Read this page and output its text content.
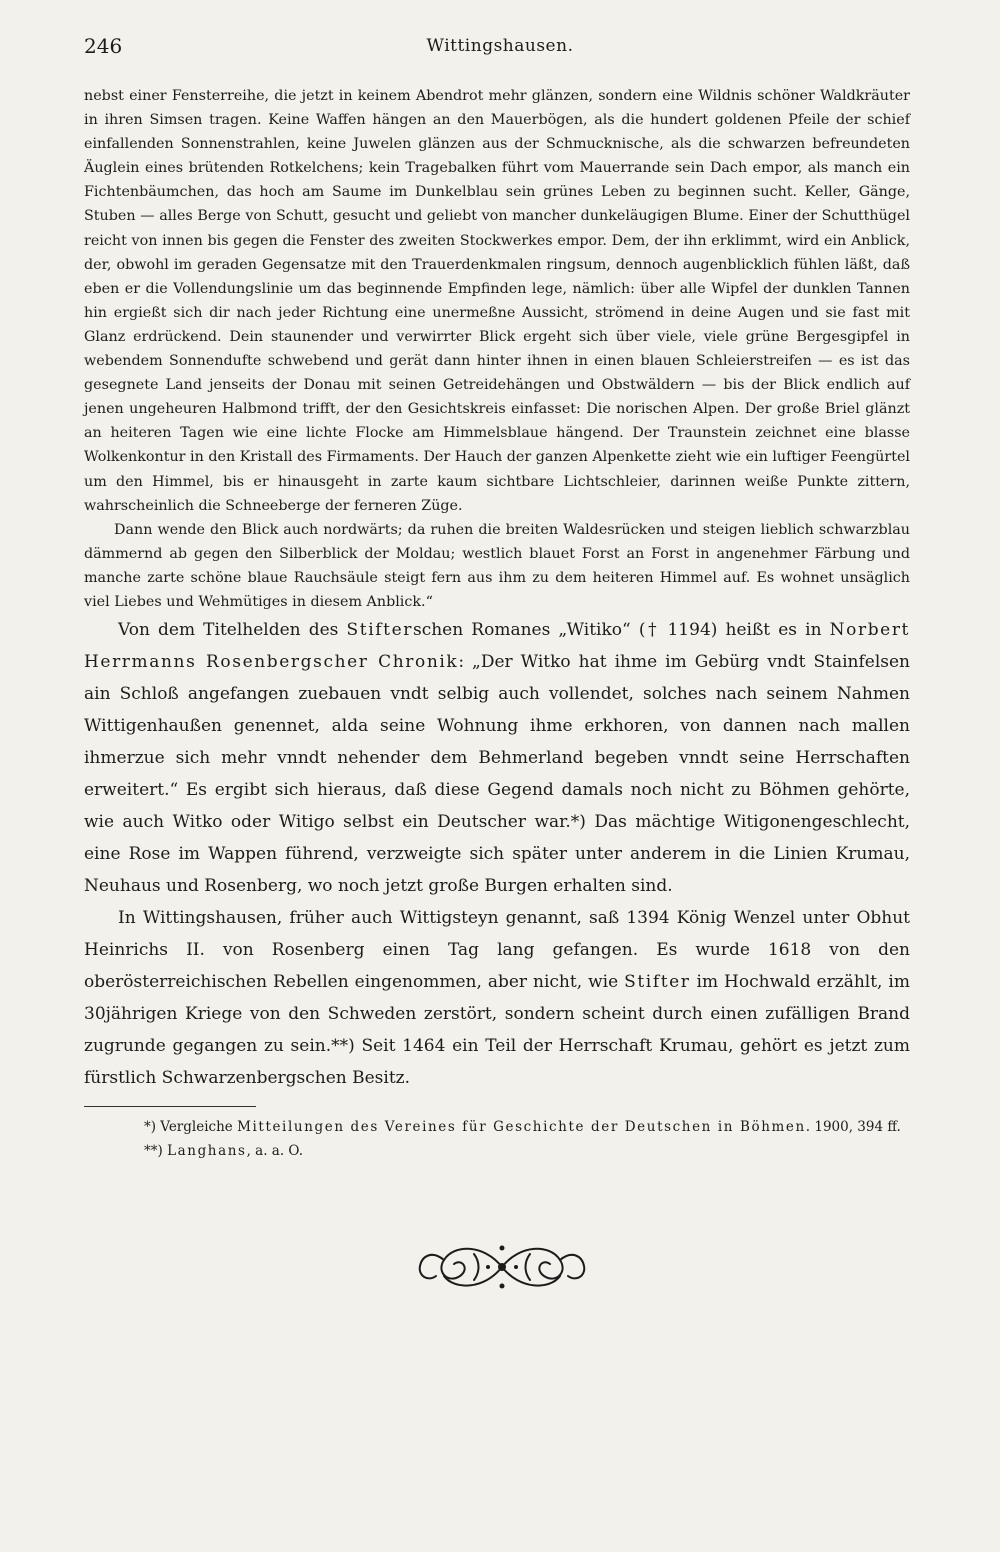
246	Wittingshausen.

nebst einer Fensterreihe, die jetzt in keinem Abendrot mehr glänzen, sondern eine Wildnis schöner Waldkräuter in ihren Simsen tragen. Keine Waffen hängen an den Mauerbögen, als die hundert goldenen Pfeile der schief einfallenden Sonnenstrahlen, keine Juwelen glänzen aus der Schmucknische, als die schwarzen befreundeten Äuglein eines brütenden Rotkelchens; kein Tragebalken führt vom Mauerrande sein Dach empor, als manch ein Fichtenbäumchen, das hoch am Saume im Dunkelblau sein grünes Leben zu beginnen sucht. Keller, Gänge, Stuben — alles Berge von Schutt, gesucht und geliebt von mancher dunkeläugigen Blume. Einer der Schutthügel reicht von innen bis gegen die Fenster des zweiten Stockwerkes empor. Dem, der ihn erklimmt, wird ein Anblick, der, obwohl im geraden Gegensatze mit den Trauerdenkmalen ringsum, dennoch augenblicklich fühlen läßt, daß eben er die Vollendungslinie um das beginnende Empfinden lege, nämlich: über alle Wipfel der dunklen Tannen hin ergießt sich dir nach jeder Richtung eine unermeßne Aussicht, strömend in deine Augen und sie fast mit Glanz erdrückend. Dein staunender und verwirrter Blick ergeht sich über viele, viele grüne Bergesgipfel in webendem Sonnendufte schwebend und gerät dann hinter ihnen in einen blauen Schleierstreifen — es ist das gesegnete Land jenseits der Donau mit seinen Getreidehängen und Obstwäldern — bis der Blick endlich auf jenen ungeheuren Halbmond trifft, der den Gesichtskreis einfasset: Die norischen Alpen. Der große Briel glänzt an heiteren Tagen wie eine lichte Flocke am Himmelsblaue hängend. Der Traunstein zeichnet eine blasse Wolkenkontur in den Kristall des Firmaments. Der Hauch der ganzen Alpenkette zieht wie ein luftiger Feengürtel um den Himmel, bis er hinausgeht in zarte kaum sichtbare Lichtschleier, darinnen weiße Punkte zittern, wahrscheinlich die Schneeberge der ferneren Züge.

Dann wende den Blick auch nordwärts; da ruhen die breiten Waldesrücken und steigen lieblich schwarzblau dämmernd ab gegen den Silberblick der Moldau; westlich blauet Forst an Forst in angenehmer Färbung und manche zarte schöne blaue Rauchsäule steigt fern aus ihm zu dem heiteren Himmel auf. Es wohnet unsäglich viel Liebes und Wehmütiges in diesem Anblick.“

Von dem Titelhelden des Stifterschen Romanes „Witiko“ († 1194) heißt es in Norbert Herrmanns Rosenbergscher Chronik: „Der Witko hat ihme im Gebürg vndt Stainfelsen ain Schloß angefangen zuebauen vndt selbig auch vollendet, solches nach seinem Nahmen Wittigenhaußen genennet, alda seine Wohnung ihme erkhoren, von dannen nach mallen ihmerzue sich mehr vnndt nehender dem Behmerland begeben vnndt seine Herrschaften erweitert.“ Es ergibt sich hieraus, daß diese Gegend damals noch nicht zu Böhmen gehörte, wie auch Witko oder Witigo selbst ein Deutscher war.*) Das mächtige Witigonengeschlecht, eine Rose im Wappen führend, verzweigte sich später unter anderem in die Linien Krumau, Neuhaus und Rosenberg, wo noch jetzt große Burgen erhalten sind.

In Wittingshausen, früher auch Wittigsteyn genannt, saß 1394 König Wenzel unter Obhut Heinrichs II. von Rosenberg einen Tag lang gefangen. Es wurde 1618 von den oberösterreichischen Rebellen eingenommen, aber nicht, wie Stifter im Hochwald erzählt, im 30jährigen Kriege von den Schweden zerstört, sondern scheint durch einen zufälligen Brand zugrunde gegangen zu sein.**) Seit 1464 ein Teil der Herrschaft Krumau, gehört es jetzt zum fürstlich Schwarzenbergschen Besitz.

*) Vergleiche Mitteilungen des Vereines für Geschichte der Deutschen in Böhmen. 1900, 394 ff.

**) Langhans, a. a. O.
